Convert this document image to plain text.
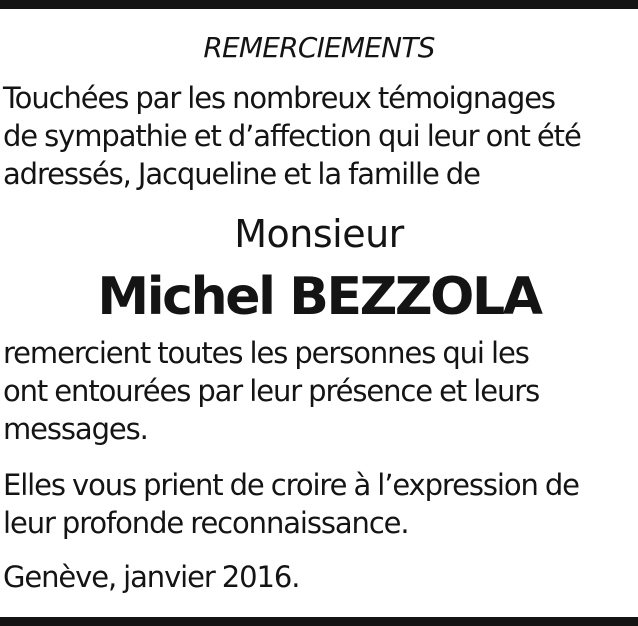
REMERCIEMENTS
Touchées par les nombreux témoignages
de sympathie et d’affection qui leur ont été
adressés, Jacqueline et la famille de
Monsieur
Michel BEZZOLA
remercient toutes les personnes qui les
ont entourées par leur présence et leurs
messages.
Elles vous prient de croire à l’expression de
leur profonde reconnaissance.
Genève, janvier 2016.
